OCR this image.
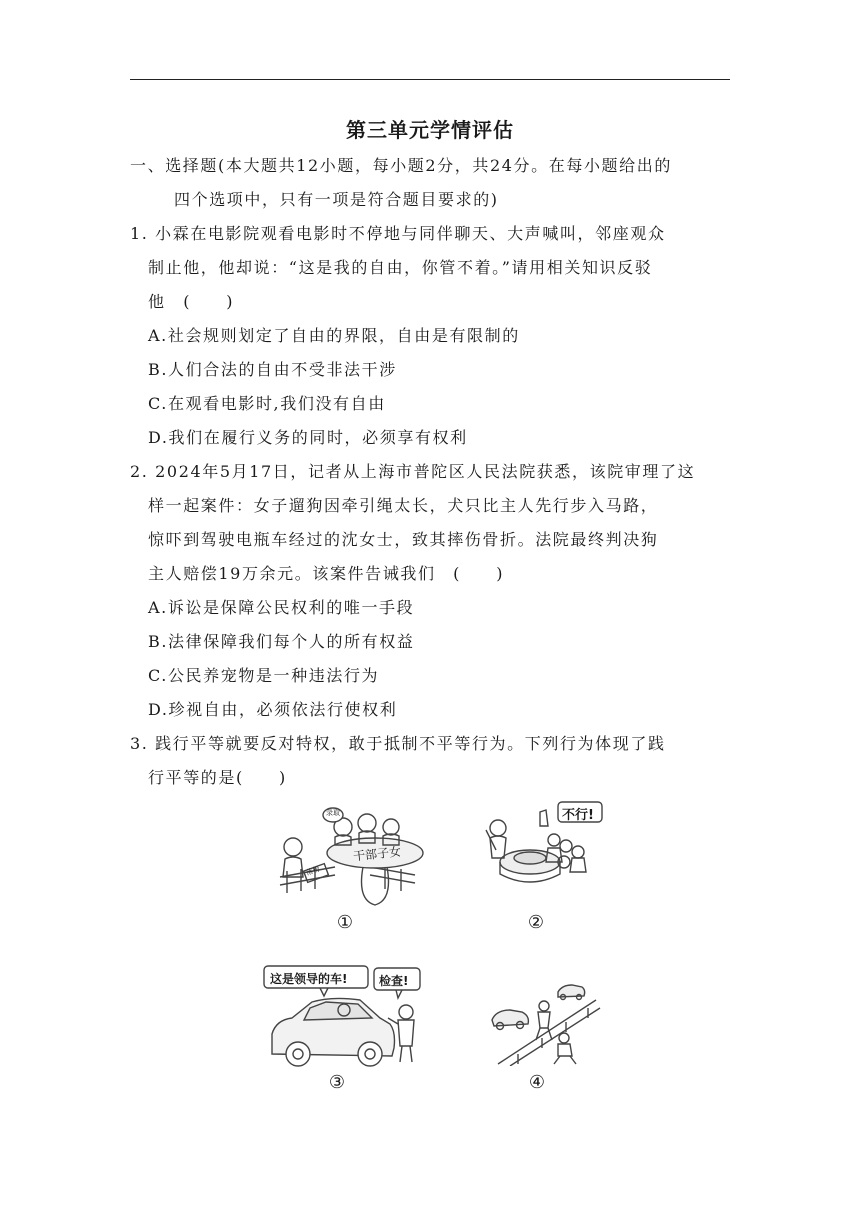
第三单元学情评估
一、选择题(本大题共12小题，每小题2分，共24分。在每小题给出的
四个选项中，只有一项是符合题目要求的)
1. 小霖在电影院观看电影时不停地与同伴聊天、大声喊叫，邻座观众
制止他，他却说：“这是我的自由，你管不着。”请用相关知识反驳
他　(　　)
A.社会规则划定了自由的界限，自由是有限制的
B.人们合法的自由不受非法干涉
C.在观看电影时,我们没有自由
D.我们在履行义务的同时，必须享有权利
2. 2024年5月17日，记者从上海市普陀区人民法院获悉，该院审理了这
样一起案件：女子遛狗因牵引绳太长，犬只比主人先行步入马路，
惊吓到驾驶电瓶车经过的沈女士，致其摔伤骨折。法院最终判决狗
主人赔偿19万余元。该案件告诫我们　(　　)
A.诉讼是保障公民权利的唯一手段
B.法律保障我们每个人的所有权益
C.公民养宠物是一种违法行为
D.珍视自由，必须依法行使权利
3. 践行平等就要反对特权，敢于抵制不平等行为。下列行为体现了践
行平等的是(　　)
干部子女
录取
落榜
①
不行!
②
这是领导的车!	检查!
③	④
